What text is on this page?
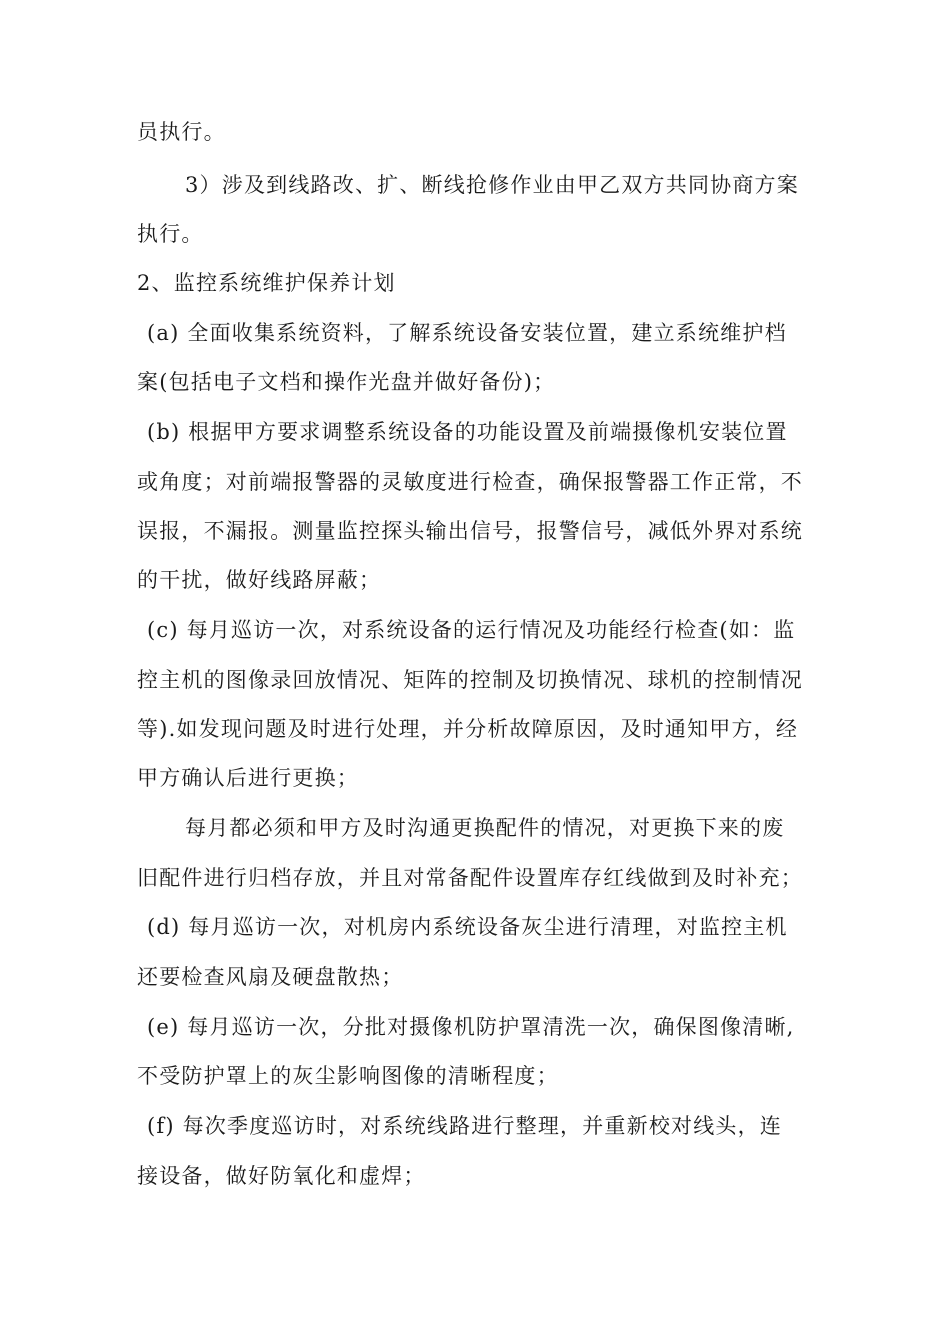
员执行。
3）涉及到线路改、扩、断线抢修作业由甲乙双方共同协商方案
执行。
2、监控系统维护保养计划
(a) 全面收集系统资料，了解系统设备安装位置，建立系统维护档
案(包括电子文档和操作光盘并做好备份)；
(b) 根据甲方要求调整系统设备的功能设置及前端摄像机安装位置
或角度；对前端报警器的灵敏度进行检查，确保报警器工作正常，不
误报，不漏报。测量监控探头输出信号，报警信号，减低外界对系统
的干扰，做好线路屏蔽；
(c) 每月巡访一次，对系统设备的运行情况及功能经行检查(如：监
控主机的图像录回放情况、矩阵的控制及切换情况、球机的控制情况
等).如发现问题及时进行处理，并分析故障原因，及时通知甲方，经
甲方确认后进行更换；
每月都必须和甲方及时沟通更换配件的情况，对更换下来的废
旧配件进行归档存放，并且对常备配件设置库存红线做到及时补充；
(d) 每月巡访一次，对机房内系统设备灰尘进行清理，对监控主机
还要检查风扇及硬盘散热；
(e) 每月巡访一次，分批对摄像机防护罩清洗一次，确保图像清晰,
不受防护罩上的灰尘影响图像的清晰程度；
(f) 每次季度巡访时，对系统线路进行整理，并重新校对线头，连
接设备，做好防氧化和虚焊；
